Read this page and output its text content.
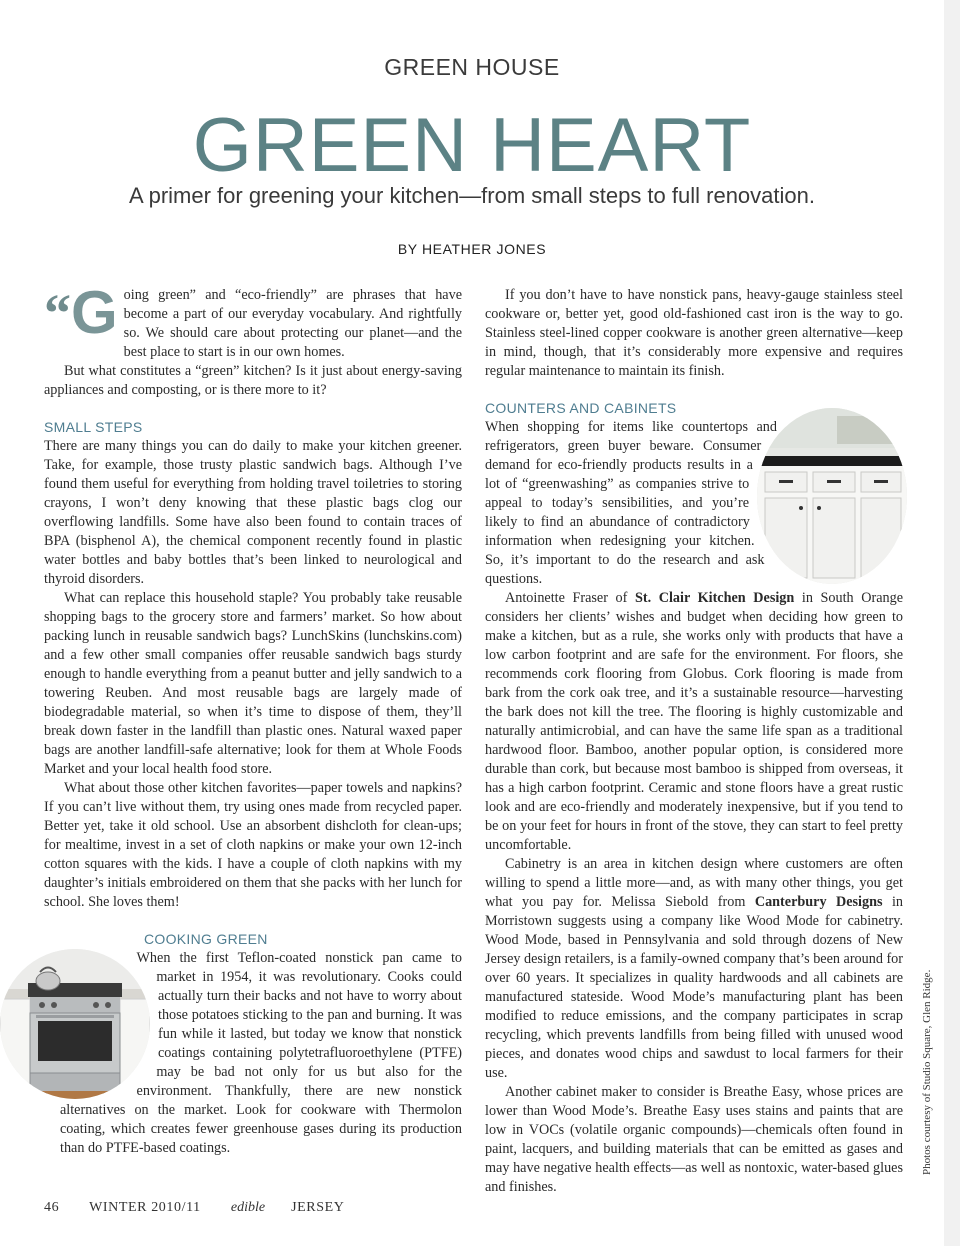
GREEN HOUSE
GREEN HEART
A primer for greening your kitchen—from small steps to full renovation.
BY HEATHER JONES
“G oing green” and “eco-friendly” are phrases that have become a part of our everyday vocabulary. And rightfully so. We should care about protecting our planet—and the best place to start is in our own homes.

But what constitutes a “green” kitchen? Is it just about energy-saving appliances and composting, or is there more to it?

SMALL STEPS

There are many things you can do daily to make your kitchen greener. Take, for example, those trusty plastic sandwich bags. Although I’ve found them useful for everything from holding travel toiletries to storing crayons, I won’t deny knowing that these plastic bags clog our overflowing landfills. Some have also been found to contain traces of BPA (bisphenol A), the chemical component recently found in plastic water bottles and baby bottles that’s been linked to neurological and thyroid disorders.

What can replace this household staple? You probably take reusable shopping bags to the grocery store and farmers’ market. So how about packing lunch in reusable sandwich bags? LunchSkins (lunchskins.com) and a few other small companies offer reusable sandwich bags sturdy enough to handle everything from a peanut butter and jelly sandwich to a towering Reuben. And most reusable bags are largely made of biodegradable material, so when it’s time to dispose of them, they’ll break down faster in the landfill than plastic ones. Natural waxed paper bags are another landfill-safe alternative; look for them at Whole Foods Market and your local health food store.

What about those other kitchen favorites—paper towels and napkins? If you can’t live without them, try using ones made from recycled paper. Better yet, take it old school. Use an absorbent dishcloth for clean-ups; for mealtime, invest in a set of cloth napkins or make your own 12-inch cotton squares with the kids. I have a couple of cloth napkins with my daughter’s initials embroidered on them that she packs with her lunch for school. She loves them!

COOKING GREEN

When the first Teflon-coated nonstick pan came to market in 1954, it was revolutionary. Cooks could actually turn their backs and not have to worry about those potatoes sticking to the pan and burning. It was fun while it lasted, but today we know that nonstick coatings containing polytetrafluoroethylene (PTFE) may be bad not only for us but also for the environment. Thankfully, there are new nonstick alternatives on the market. Look for cookware with Thermolon coating, which creates fewer greenhouse gases during its production than do PTFE-based coatings.

If you don’t have to have nonstick pans, heavy-gauge stainless steel cookware or, better yet, good old-fashioned cast iron is the way to go. Stainless steel-lined copper cookware is another green alternative—keep in mind, though, that it’s considerably more expensive and requires regular maintenance to maintain its finish.

COUNTERS AND CABINETS

When shopping for items like countertops and refrigerators, green buyer beware. Consumer demand for eco-friendly products results in a lot of “greenwashing” as companies strive to appeal to today’s sensibilities, and you’re likely to find an abundance of contradictory information when redesigning your kitchen. So, it’s important to do the research and ask questions.

Antoinette Fraser of St. Clair Kitchen Design in South Orange considers her clients’ wishes and budget when deciding how green to make a kitchen, but as a rule, she works only with products that have a low carbon footprint and are safe for the environment. For floors, she recommends cork flooring from Globus. Cork flooring is made from bark from the cork oak tree, and it’s a sustainable resource—harvesting the bark does not kill the tree. The flooring is highly customizable and naturally antimicrobial, and can have the same life span as a traditional hardwood floor. Bamboo, another popular option, is considered more durable than cork, but because most bamboo is shipped from overseas, it has a high carbon footprint. Ceramic and stone floors have a great rustic look and are eco-friendly and moderately inexpensive, but if you tend to be on your feet for hours in front of the stove, they can start to feel pretty uncomfortable.

Cabinetry is an area in kitchen design where customers are often willing to spend a little more—and, as with many other things, you get what you pay for. Melissa Siebold from Canterbury Designs in Morristown suggests using a company like Wood Mode for cabinetry. Wood Mode, based in Pennsylvania and sold through dozens of New Jersey design retailers, is a family-owned company that’s been around for over 60 years. It specializes in quality hardwoods and all cabinets are manufactured stateside. Wood Mode’s manufacturing plant has been modified to reduce emissions, and the company participates in scrap recycling, which prevents landfills from being filled with unused wood pieces, and donates wood chips and sawdust to local farmers for their use.

Another cabinet maker to consider is Breathe Easy, whose prices are lower than Wood Mode’s. Breathe Easy uses stains and paints that are low in VOCs (volatile organic compounds)—chemicals often found in paint, lacquers, and building materials that can be emitted as gases and may have negative health effects—as well as nontoxic, water-based glues and finishes.

46 WINTER 2010/11 edible JERSEY
Photos courtesy of Studio Square, Glen Ridge.
